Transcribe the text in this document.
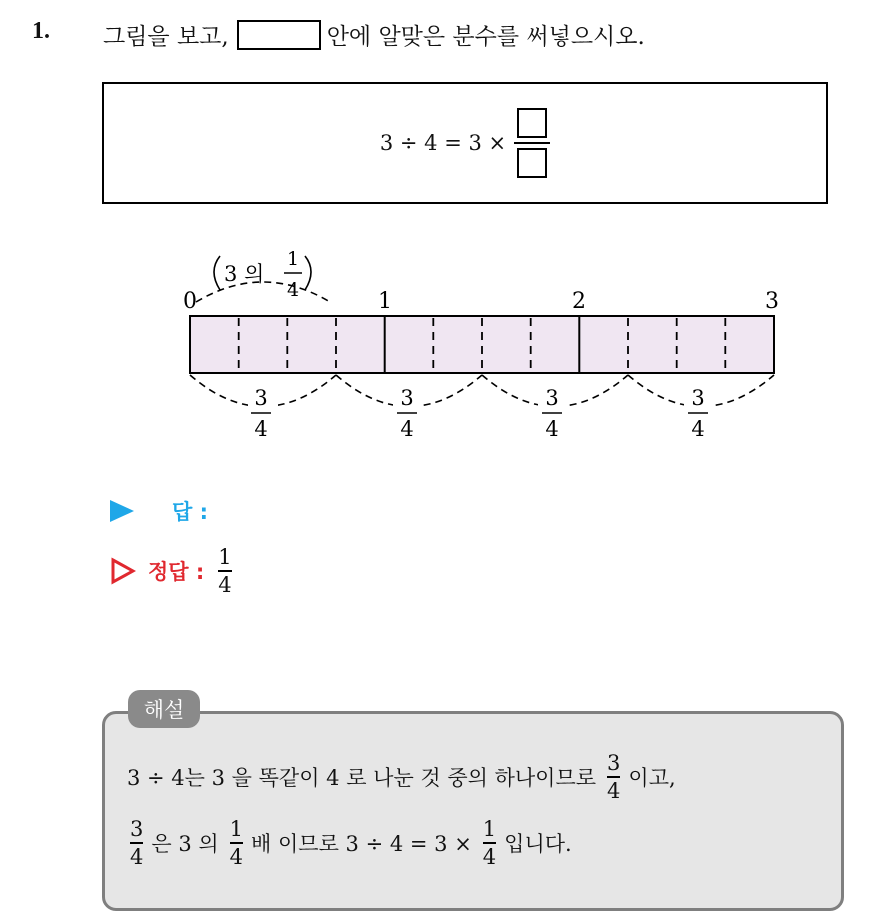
1. 그림을 보고,	안에 알맞은 분수를 써넣으시오.
3 ÷ 4 = 3 ×
0	1	2	3
3 의
1
4
3
4
3
4
3
4
3
4
답 :
정답 : $\frac{1}{4}$
3 ÷ 4는 3 을 똑같이 4 로 나눈 것 중의 하나이므로 $\frac{3}{4}$ 이고,
$\frac{3}{4}$ 은 3 의 $\frac{1}{4}$ 배 이므로 $3 \div 4 = 3 \times \frac{1}{4}$ 입니다.
해설
